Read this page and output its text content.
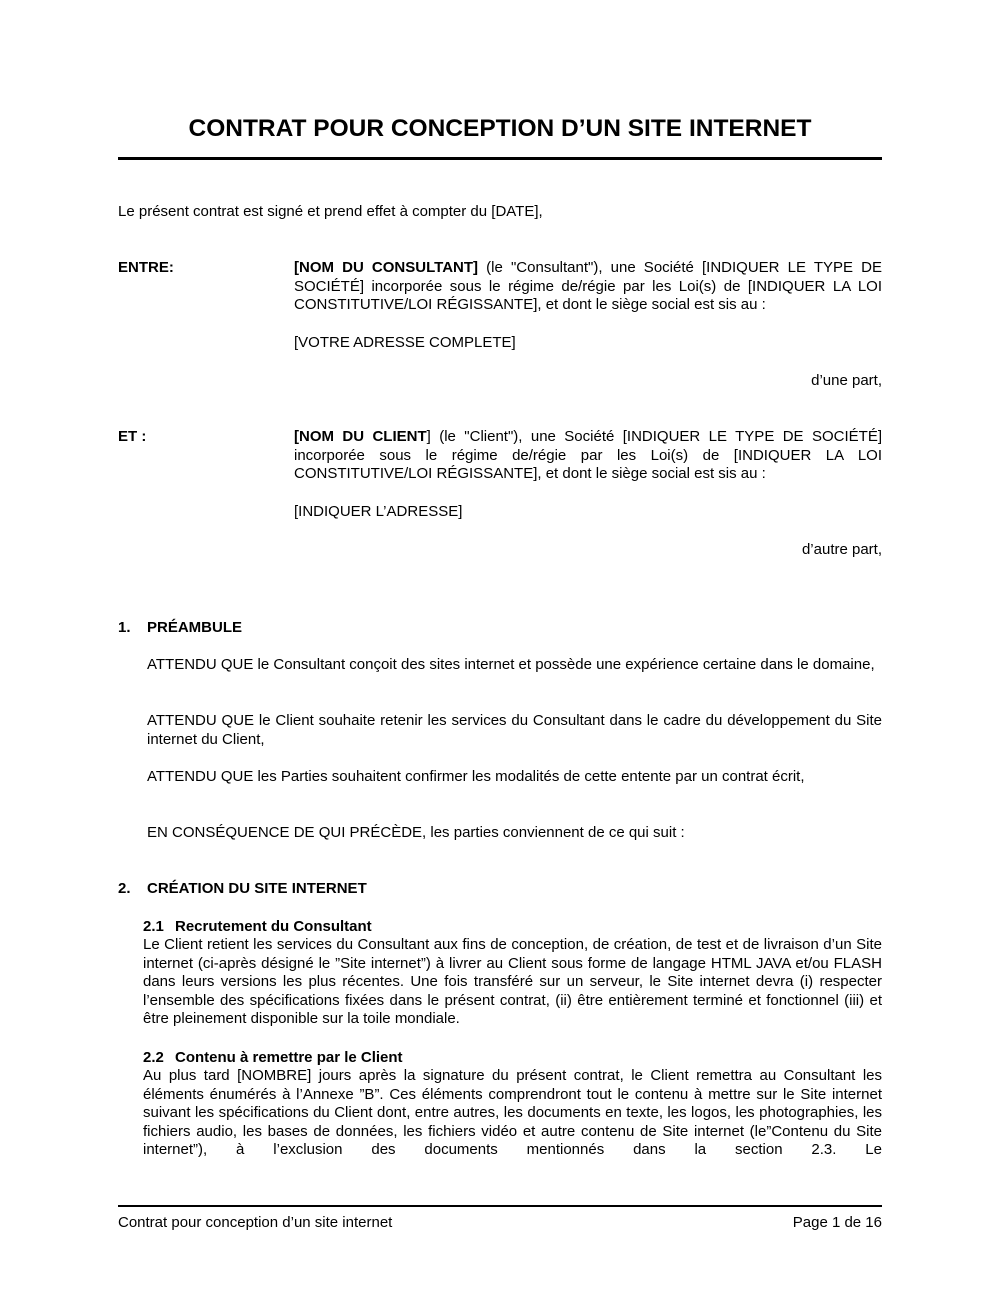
CONTRAT POUR CONCEPTION D’UN SITE INTERNET

Le présent contrat est signé et prend effet à compter du [DATE],

ENTRE:	[NOM DU CONSULTANT] (le "Consultant"), une Société [INDIQUER LE TYPE DE SOCIÉTÉ] incorporée sous le régime de/régie par les Loi(s) de [INDIQUER LA LOI CONSTITUTIVE/LOI RÉGISSANTE], et dont le siège social est sis au :

[VOTRE ADRESSE COMPLETE]

d’une part,

ET :	[NOM DU CLIENT] (le "Client"), une Société [INDIQUER LE TYPE DE SOCIÉTÉ] incorporée sous le régime de/régie par les Loi(s) de [INDIQUER LA LOI CONSTITUTIVE/LOI RÉGISSANTE], et dont le siège social est sis au :

[INDIQUER L’ADRESSE]

d’autre part,

1. PRÉAMBULE

ATTENDU QUE le Consultant conçoit des sites internet et possède une expérience certaine dans le domaine,

ATTENDU QUE le Client souhaite retenir les services du Consultant dans le cadre du développement du Site internet du Client,

ATTENDU QUE les Parties souhaitent confirmer les modalités de cette entente par un contrat écrit,

EN CONSÉQUENCE DE QUI PRÉCÈDE, les parties conviennent de ce qui suit :

2. CRÉATION DU SITE INTERNET
2.1 Recrutement du Consultant

Le Client retient les services du Consultant aux fins de conception, de création, de test et de livraison d’un Site internet (ci-après désigné le ”Site internet”) à livrer au Client sous forme de langage HTML JAVA et/ou FLASH dans leurs versions les plus récentes. Une fois transféré sur un serveur, le Site internet devra (i) respecter l’ensemble des spécifications fixées dans le présent contrat, (ii) être entièrement terminé et fonctionnel (iii) et être pleinement disponible sur la toile mondiale.

2.2 Contenu à remettre par le Client

Au plus tard [NOMBRE] jours après la signature du présent contrat, le Client remettra au Consultant les éléments énumérés à l’Annexe ”B”. Ces éléments comprendront tout le contenu à mettre sur le Site internet suivant les spécifications du Client dont, entre autres, les documents en texte, les logos, les photographies, les fichiers audio, les bases de données, les fichiers vidéo et autre contenu de Site internet (le”Contenu du Site internet”), à l’exclusion des documents mentionnés dans la section 2.3. Le

Contrat pour conception d’un site internet	Page 1 de 16
